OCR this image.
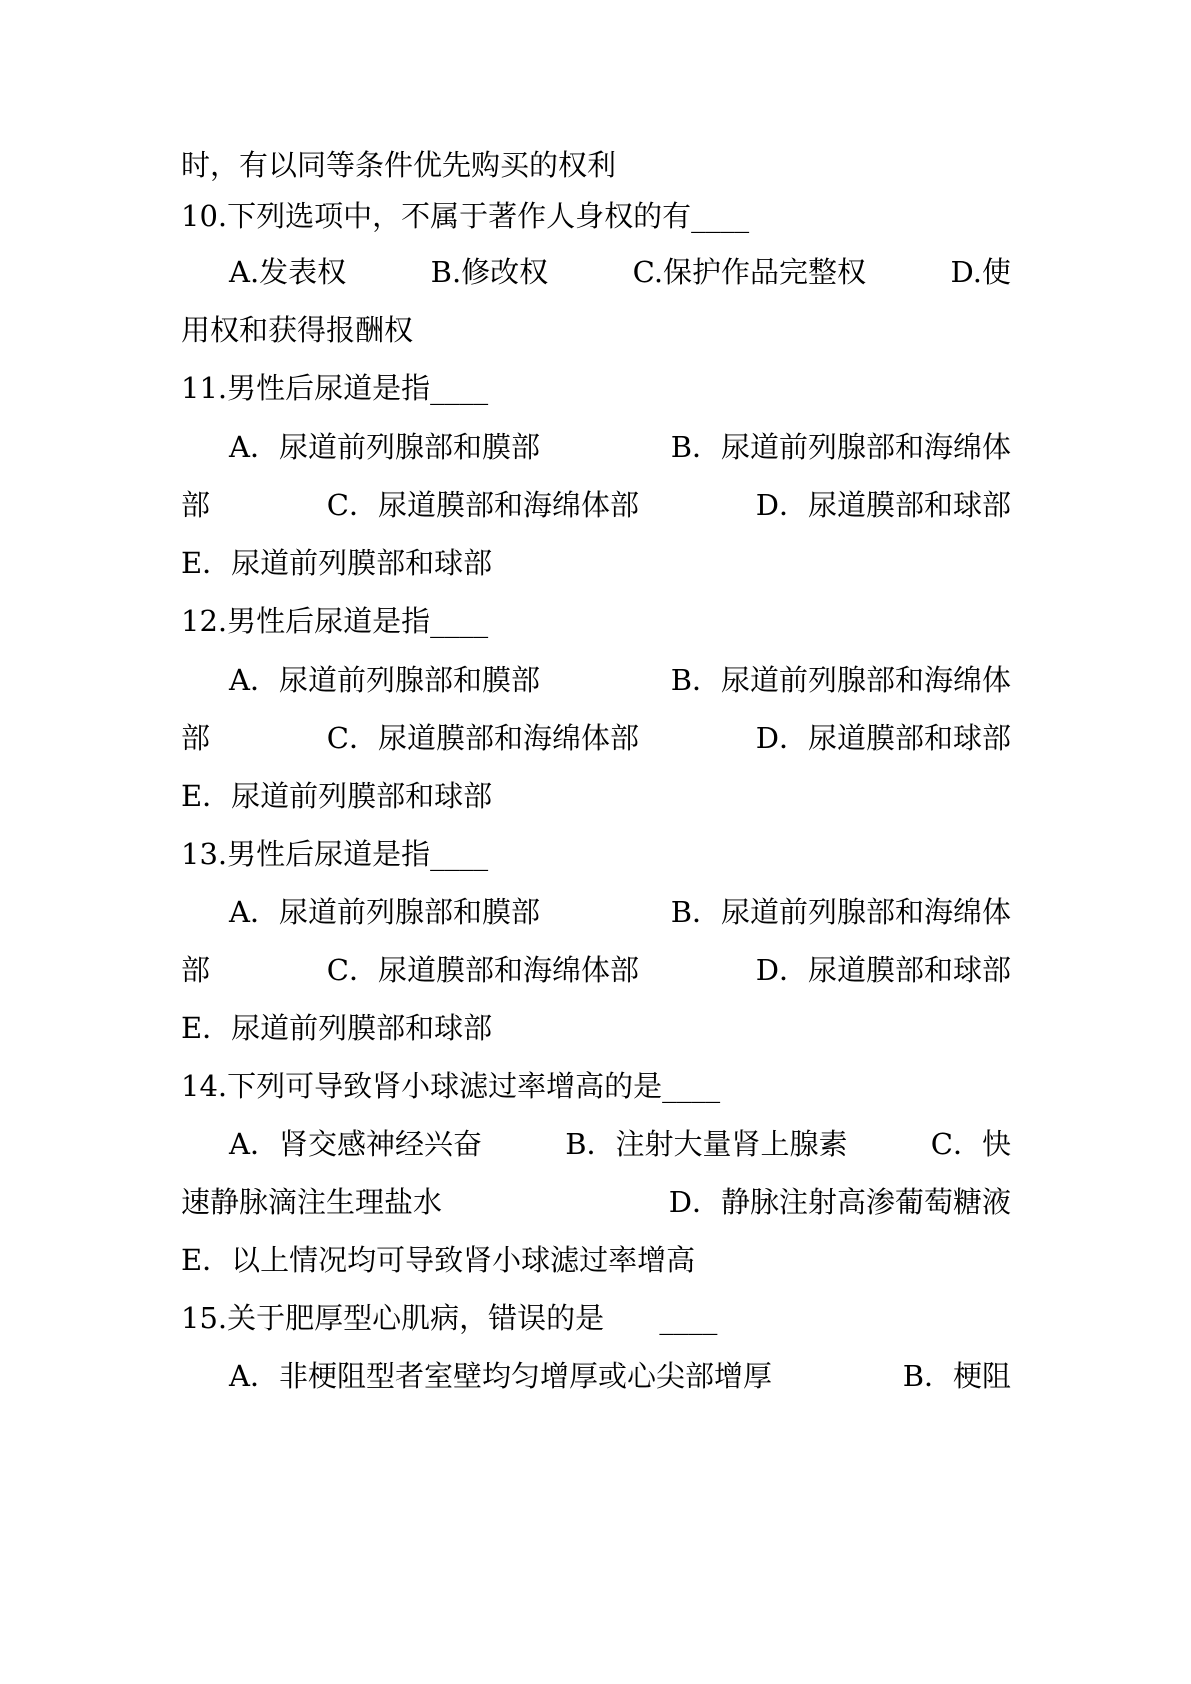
时，有以同等条件优先购买的权利
10.下列选项中，不属于著作人身权的有____
A.发表权	B.修改权	C.保护作品完整权	D.使
用权和获得报酬权
11.男性后尿道是指____
A．尿道前列腺部和膜部	B．尿道前列腺部和海绵体
部	C．尿道膜部和海绵体部	D．尿道膜部和球部
E．尿道前列膜部和球部
12.男性后尿道是指____
A．尿道前列腺部和膜部	B．尿道前列腺部和海绵体
部	C．尿道膜部和海绵体部	D．尿道膜部和球部
E．尿道前列膜部和球部
13.男性后尿道是指____
A．尿道前列腺部和膜部	B．尿道前列腺部和海绵体
部	C．尿道膜部和海绵体部	D．尿道膜部和球部
E．尿道前列膜部和球部
14.下列可导致肾小球滤过率增高的是____
A．肾交感神经兴奋	B．注射大量肾上腺素	C．快
速静脉滴注生理盐水	D．静脉注射高渗葡萄糖液
E．以上情况均可导致肾小球滤过率增高
15.关于肥厚型心肌病，错误的是      ____
A．非梗阻型者室壁均匀增厚或心尖部增厚	B．梗阻
